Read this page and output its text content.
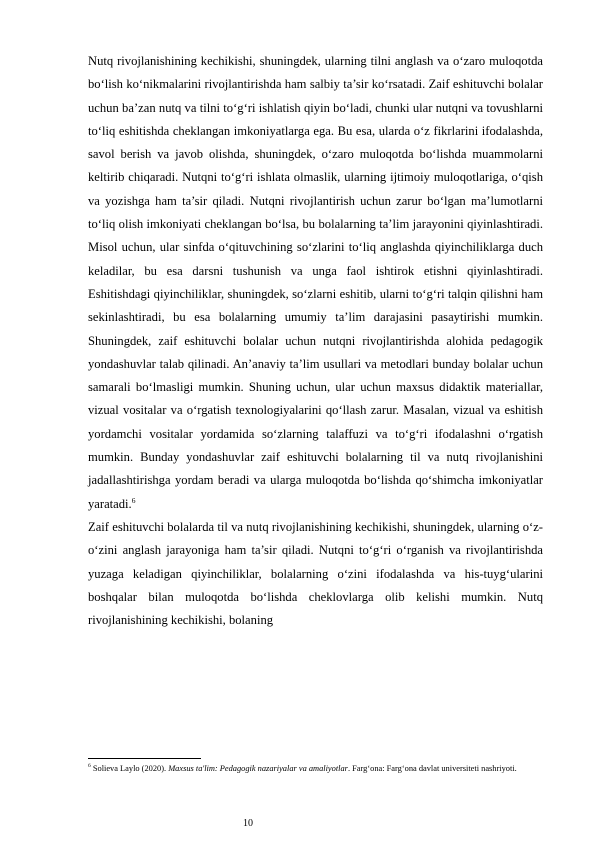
Nutq rivojlanishining kechikishi, shuningdek, ularning tilni anglash va o‘zaro muloqotda bo‘lish ko‘nikmalarini rivojlantirishda ham salbiy ta’sir ko‘rsatadi. Zaif eshituvchi bolalar uchun ba’zan nutq va tilni to‘g‘ri ishlatish qiyin bo‘ladi, chunki ular nutqni va tovushlarni to‘liq eshitishda cheklangan imkoniyatlarga ega. Bu esa, ularda o‘z fikrlarini ifodalashda, savol berish va javob olishda, shuningdek, o‘zaro muloqotda bo‘lishda muammolarni keltirib chiqaradi. Nutqni to‘g‘ri ishlata olmaslik, ularning ijtimoiy muloqotlariga, o‘qish va yozishga ham ta’sir qiladi. Nutqni rivojlantirish uchun zarur bo‘lgan ma’lumotlarni to‘liq olish imkoniyati cheklangan bo‘lsa, bu bolalarning ta’lim jarayonini qiyinlashtiradi. Misol uchun, ular sinfda o‘qituvchining so‘zlarini to‘liq anglashda qiyinchiliklarga duch keladilar, bu esa darsni tushunish va unga faol ishtirok etishni qiyinlashtiradi. Eshitishdagi qiyinchiliklar, shuningdek, so‘zlarni eshitib, ularni to‘g‘ri talqin qilishni ham sekinlashtiradi, bu esa bolalarning umumiy ta’lim darajasini pasaytirishi mumkin. Shuningdek, zaif eshituvchi bolalar uchun nutqni rivojlantirishda alohida pedagogik yondashuvlar talab qilinadi. An’anaviy ta’lim usullari va metodlari bunday bolalar uchun samarali bo‘lmasligi mumkin. Shuning uchun, ular uchun maxsus didaktik materiallar, vizual vositalar va o‘rgatish texnologiyalarini qo‘llash zarur. Masalan, vizual va eshitish yordamchi vositalar yordamida so‘zlarning talaffuzi va to‘g‘ri ifodalashni o‘rgatish mumkin. Bunday yondashuvlar zaif eshituvchi bolalarning til va nutq rivojlanishini jadallashtirishga yordam beradi va ularga muloqotda bo‘lishda qo‘shimcha imkoniyatlar yaratadi.$^6$

Zaif eshituvchi bolalarda til va nutq rivojlanishining kechikishi, shuningdek, ularning o‘z-o‘zini anglash jarayoniga ham ta’sir qiladi. Nutqni to‘g‘ri o‘rganish va rivojlantirishda yuzaga keladigan qiyinchiliklar, bolalarning o‘zini ifodalashda va his-tuyg‘ularini boshqalar bilan muloqotda bo‘lishda cheklovlarga olib kelishi mumkin. Nutq rivojlanishining kechikishi, bolaning

$^6$ Solieva Laylo (2020). Maxsus ta'lim: Pedagogik nazariyalar va amaliyotlar. Farg‘ona: Farg‘ona davlat universiteti nashriyoti.
10
